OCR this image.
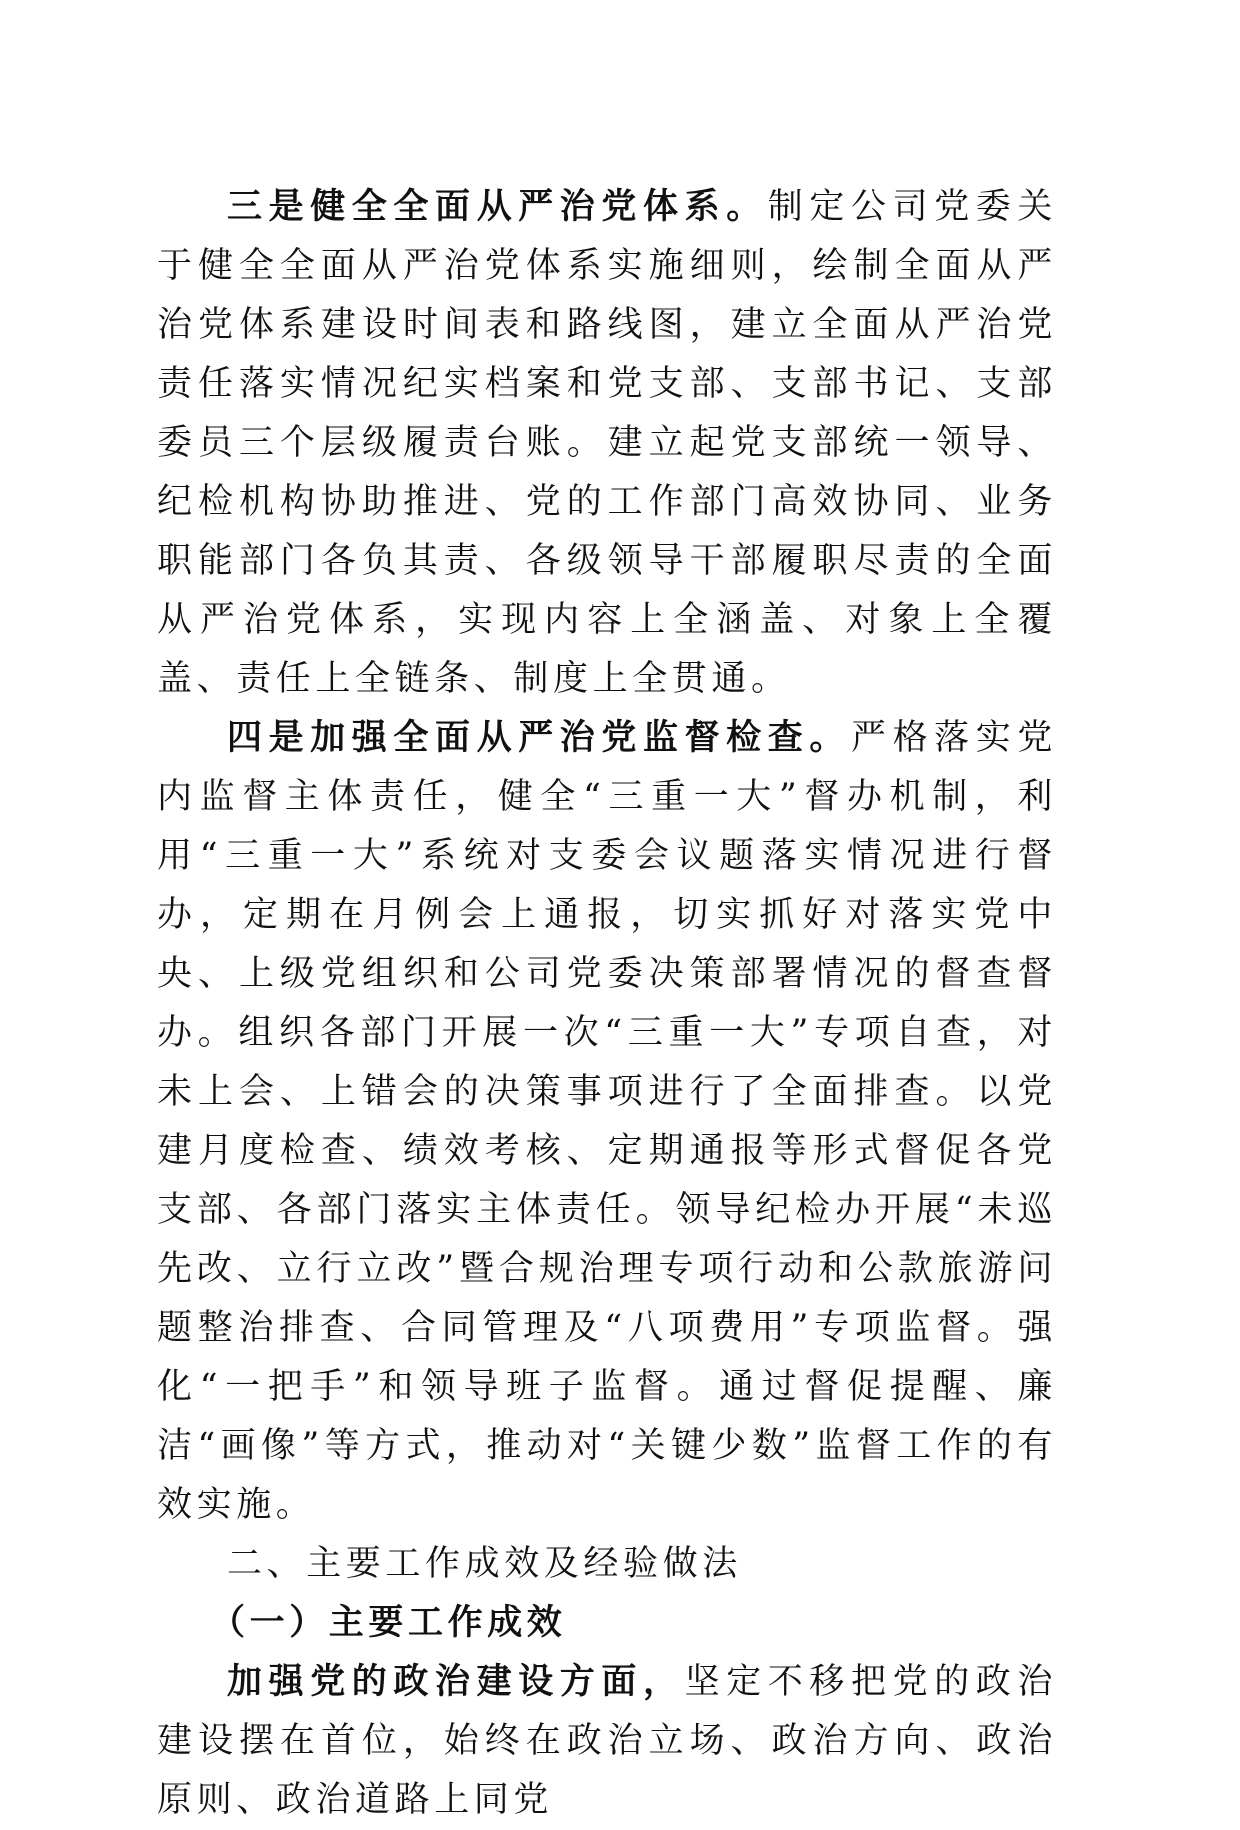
三是健全全面从严治党体系。制定公司党委关于健全全面从严治党体系实施细则，绘制全面从严治党体系建设时间表和路线图，建立全面从严治党责任落实情况纪实档案和党支部、支部书记、支部委员三个层级履责台账。建立起党支部统一领导、纪检机构协助推进、党的工作部门高效协同、业务职能部门各负其责、各级领导干部履职尽责的全面从严治党体系，实现内容上全涵盖、对象上全覆盖、责任上全链条、制度上全贯通。

四是加强全面从严治党监督检查。严格落实党内监督主体责任，健全“三重一大”督办机制，利用“三重一大”系统对支委会议题落实情况进行督办，定期在月例会上通报，切实抓好对落实党中央、上级党组织和公司党委决策部署情况的督查督办。组织各部门开展一次“三重一大”专项自查，对未上会、上错会的决策事项进行了全面排查。以党建月度检查、绩效考核、定期通报等形式督促各党支部、各部门落实主体责任。领导纪检办开展“未巡先改、立行立改”暨合规治理专项行动和公款旅游问题整治排查、合同管理及“八项费用”专项监督。强化“一把手”和领导班子监督。通过督促提醒、廉洁“画像”等方式，推动对“关键少数”监督工作的有效实施。

二、主要工作成效及经验做法

（一）主要工作成效

加强党的政治建设方面，坚定不移把党的政治建设摆在首位，始终在政治立场、政治方向、政治原则、政治道路上同党
